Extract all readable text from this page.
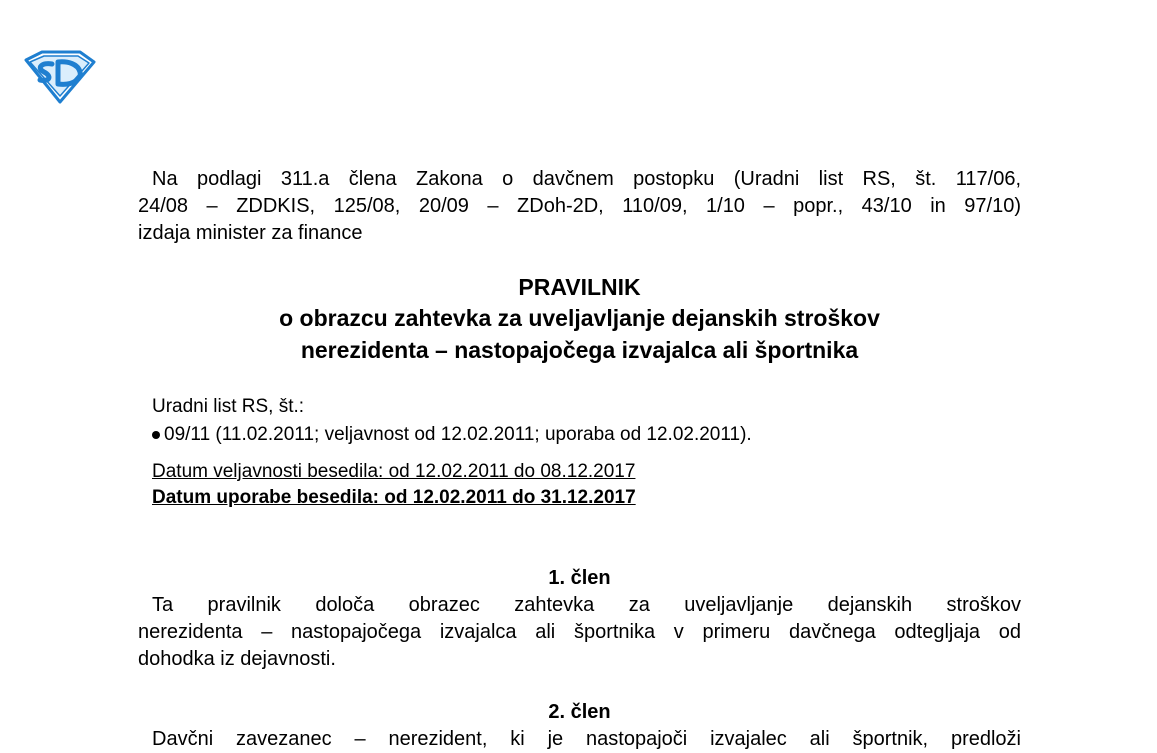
Na podlagi 311.a člena Zakona o davčnem postopku (Uradni list RS, št. 117/06,
24/08 – ZDDKIS, 125/08, 20/09 – ZDoh-2D, 110/09, 1/10 – popr., 43/10 in 97/10)
izdaja minister za finance
PRAVILNIK
o obrazcu zahtevka za uveljavljanje dejanskih stroškov
nerezidenta – nastopajočega izvajalca ali športnika
Uradni list RS, št.:
09/11 (11.02.2011; veljavnost od 12.02.2011; uporaba od 12.02.2011).
Datum veljavnosti besedila: od 12.02.2011 do 08.12.2017
Datum uporabe besedila: od 12.02.2011 do 31.12.2017
1. člen
Ta pravilnik določa obrazec zahtevka za uveljavljanje dejanskih stroškov
nerezidenta – nastopajočega izvajalca ali športnika v primeru davčnega odtegljaja od
dohodka iz dejavnosti.
2. člen
Davčni zavezanec – nerezident, ki je nastopajoči izvajalec ali športnik, predloži
